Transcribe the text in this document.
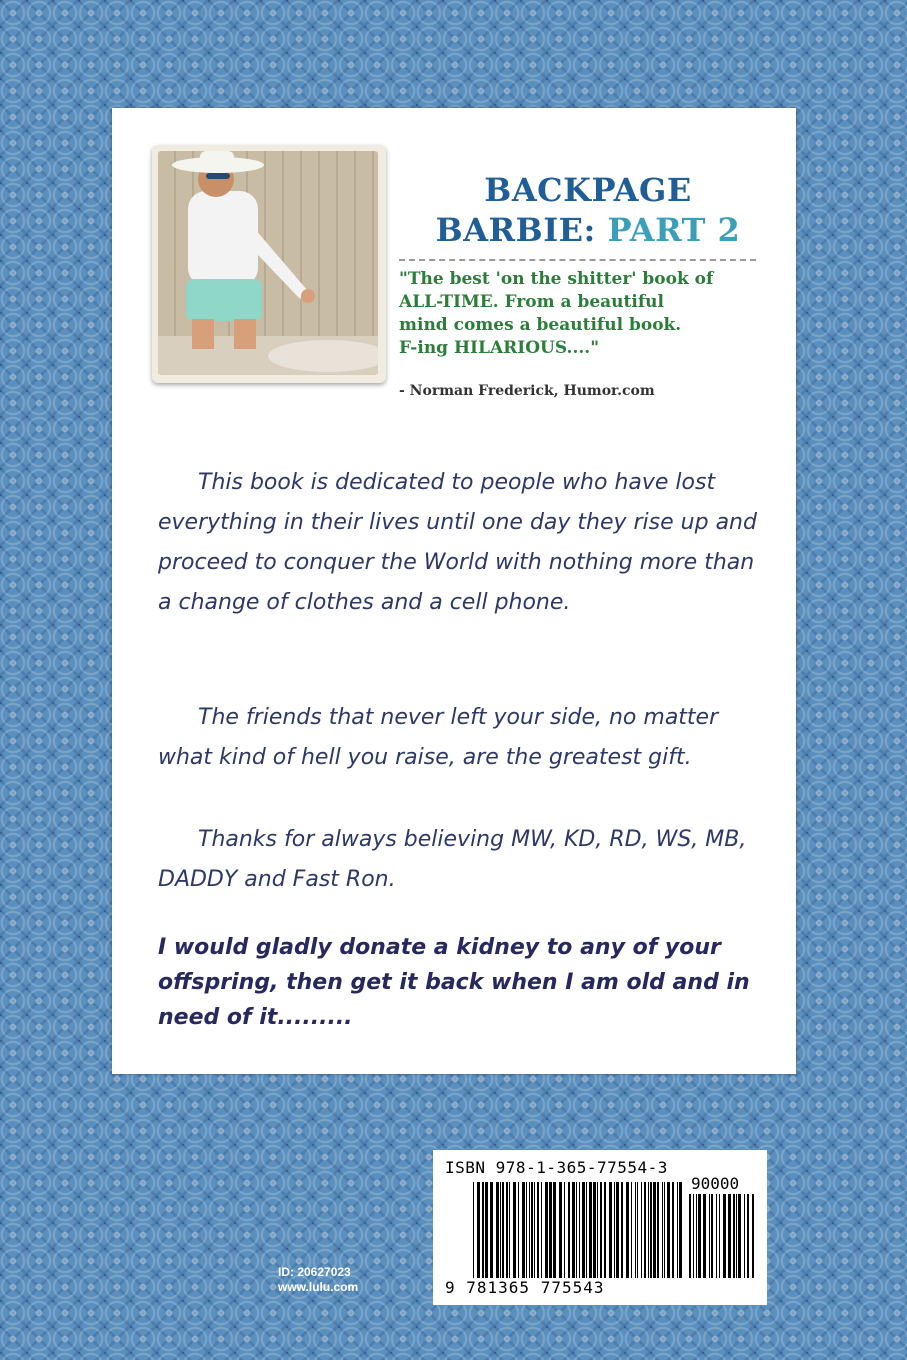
BACKPAGE
BARBIE: PART 2
"The best 'on the shitter' book of
ALL-TIME. From a beautiful
mind comes a beautiful book.
F-ing HILARIOUS...."
- Norman Frederick, Humor.com
This book is dedicated to people who have lost everything in their lives until one day they rise up and proceed to conquer the World with nothing more than a change of clothes and a cell phone.
The friends that never left your side, no matter what kind of hell you raise, are the greatest gift.
Thanks for always believing MW, KD, RD, WS, MB, DADDY and Fast Ron.
I would gladly donate a kidney to any of your offspring, then get it back when I am old and in need of it.........
ISBN 978-1-365-77554-3
90000
9 781365 775543
ID: 20627023
www.lulu.com
